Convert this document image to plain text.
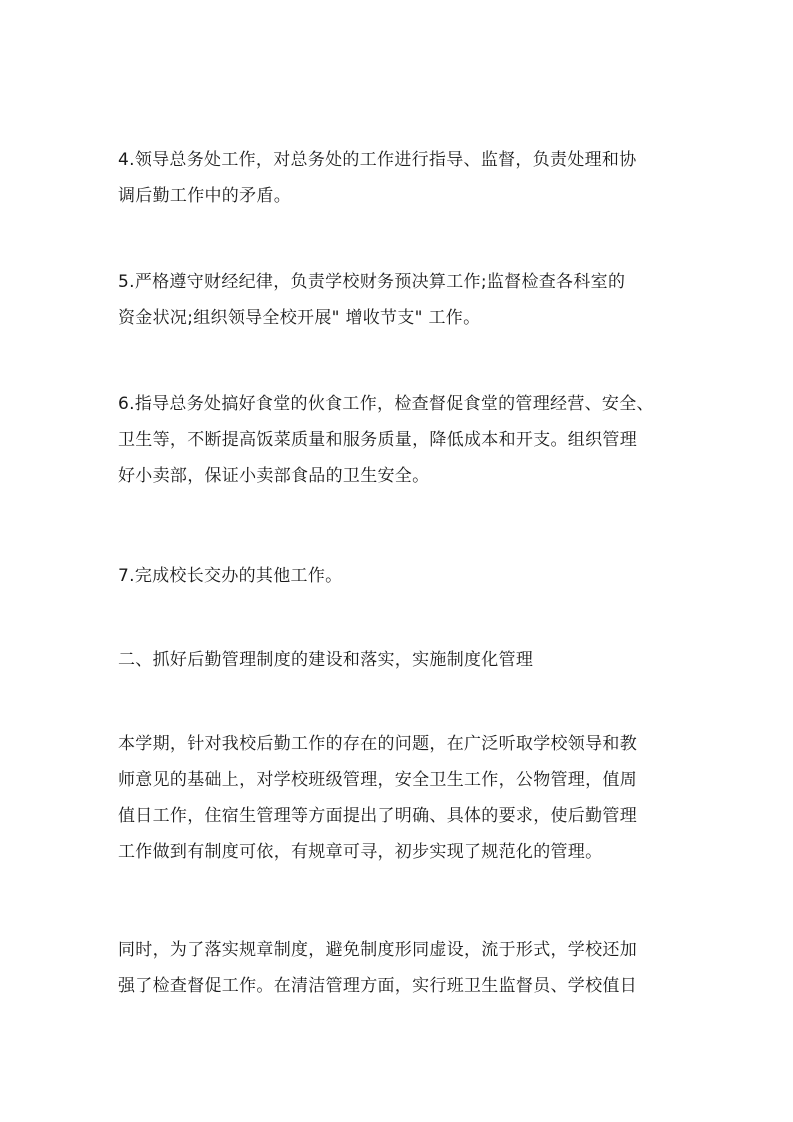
4.领导总务处工作，对总务处的工作进行指导、监督，负责处理和协
调后勤工作中的矛盾。

5.严格遵守财经纪律，负责学校财务预决算工作;监督检查各科室的
资金状况;组织领导全校开展" 增收节支" 工作。

6.指导总务处搞好食堂的伙食工作，检查督促食堂的管理经营、安全、
卫生等，不断提高饭菜质量和服务质量，降低成本和开支。组织管理
好小卖部，保证小卖部食品的卫生安全。

7.完成校长交办的其他工作。

二、抓好后勤管理制度的建设和落实，实施制度化管理

本学期，针对我校后勤工作的存在的问题，在广泛听取学校领导和教
师意见的基础上，对学校班级管理，安全卫生工作，公物管理，值周
值日工作，住宿生管理等方面提出了明确、具体的要求，使后勤管理
工作做到有制度可依，有规章可寻，初步实现了规范化的管理。

同时，为了落实规章制度，避免制度形同虚设，流于形式，学校还加
强了检查督促工作。在清洁管理方面，实行班卫生监督员、学校值日
